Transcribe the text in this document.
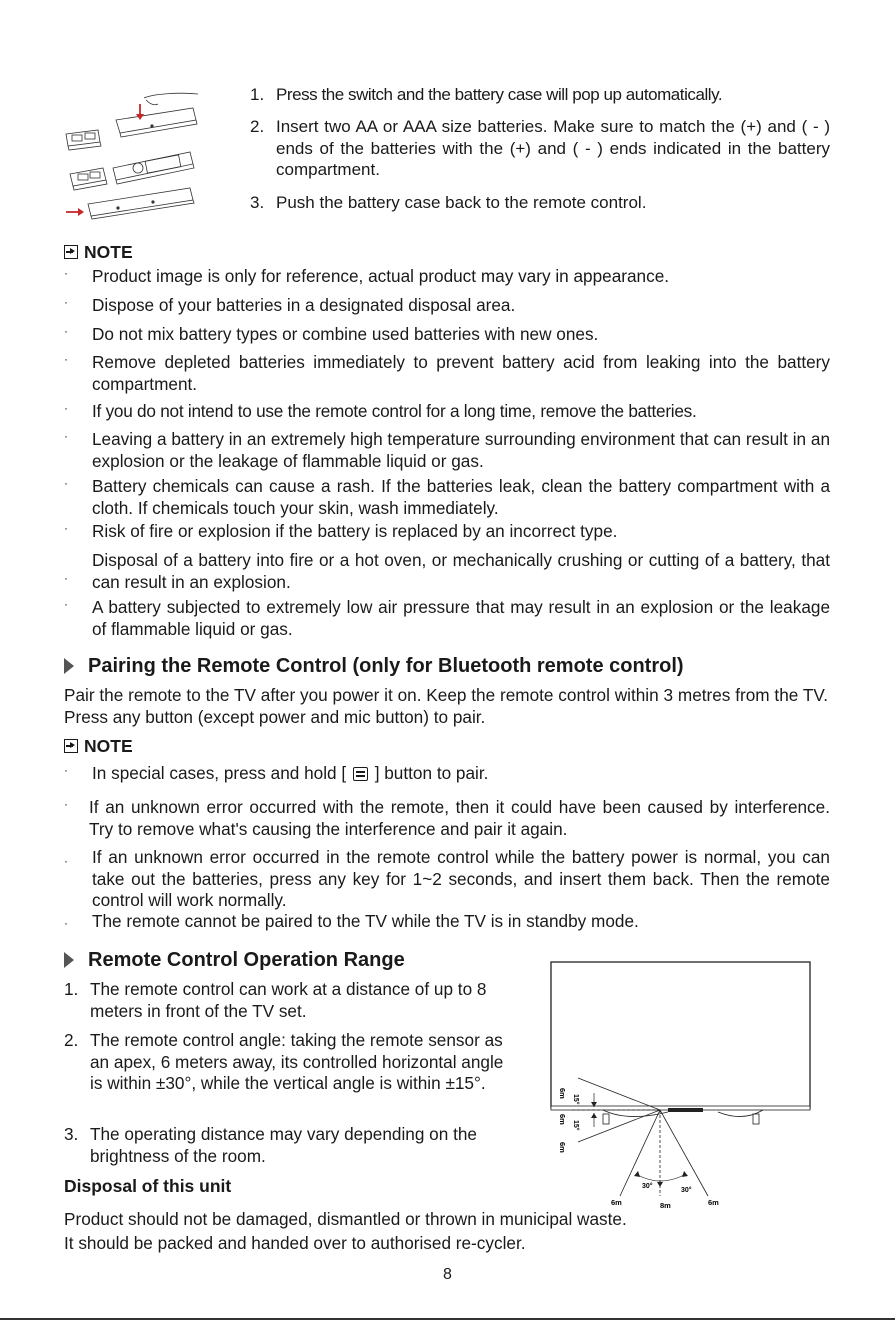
1. Press the switch and the battery case will pop up automatically.
2. Insert two AA or AAA size batteries. Make sure to match the (+) and ( - ) ends of the batteries with the (+) and ( - ) ends indicated in the battery compartment.
3. Push the battery case back to the remote control.
NOTE
· Product image is only for reference, actual product may vary in appearance.
· Dispose of your batteries in a designated disposal area.
· Do not mix battery types or combine used batteries with new ones.
· Remove depleted batteries immediately to prevent battery acid from leaking into the battery compartment.
· If you do not intend to use the remote control for a long time, remove the batteries.
· Leaving a battery in an extremely high temperature surrounding environment that can result in an explosion or the leakage of flammable liquid or gas.
· Battery chemicals can cause a rash. If the batteries leak, clean the battery compartment with a cloth. If chemicals touch your skin, wash immediately.
· Risk of fire or explosion if the battery is replaced by an incorrect type.
·
Disposal of a battery into fire or a hot oven, or mechanically crushing or cutting of a battery, that can result in an explosion.
· A battery subjected to extremely low air pressure that may result in an explosion or the leakage of flammable liquid or gas.
Pairing the Remote Control (only for Bluetooth remote control)
Pair the remote to the TV after you power it on. Keep the remote control within 3 metres from the TV. Press any button (except power and mic button) to pair.
NOTE
· In special cases, press and hold [ ] button to pair.
· If an unknown error occurred with the remote, then it could have been caused by interference. Try to remove what's causing the interference and pair it again.
· If an unknown error occurred in the remote control while the battery power is normal, you can take out the batteries, press any key for 1~2 seconds, and insert them back. Then the remote control will work normally.
· The remote cannot be paired to the TV while the TV is in standby mode.
Remote Control Operation Range
1. The remote control can work at a distance of up to 8 meters in front of the TV set.
2. The remote control angle: taking the remote sensor as an apex, 6 meters away, its controlled horizontal angle is within ±30°, while the vertical angle is within ±15°.
3. The operating distance may vary depending on the brightness of the room.
6m
15°
6m
15°
6m
30°
30°
6m	8m	6m
Disposal of this unit
Product should not be damaged, dismantled or thrown in municipal waste.
It should be packed and handed over to authorised re-cycler.
8
